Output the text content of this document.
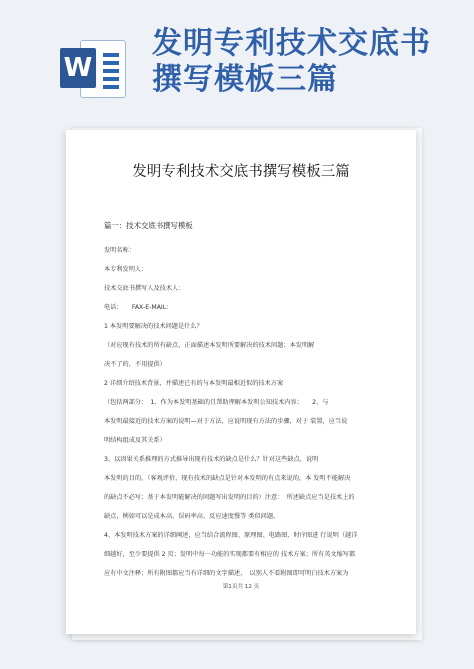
W
发明专利技术交底书撰写模板三篇
发明专利技术交底书撰写模板三篇
篇一：技术交底书撰写模板
发明名称：
本专利发明人：
技术交底书撰写人及技术人：
电话：　　FAX-E-MAIL：
1 本发明要解决的技术问题是什么？
（对应现有技术的所有缺点，正面描述本发明所要解决的技术问题；本发明解
决不了的，不用提供）
2 详细介绍技术背景，并描述已有的与本发明最相近似的技术方案
（包括两部分：　1、作为本发明基础的且帮助理解本发明公知技术内容；　　2、与
本发明最接近的技术方案的说明—对于方法，应说明现有方法的步骤，对于 装置，应当说
明结构组成及其关系）
3、以因果关系推理的方式推导出现有技术的缺点是什么？针对这些缺点，说明
本发明的目的。（客观评价，现有技术的缺点是针对本发明的有点来说的，本 发明不能解决
的缺点不必写；基于本发明能解决的问题写出发明的目的）注意：　所述缺点应当是技术上的
缺点，例如可以是成本高、误码率高、反应速度慢等 类似问题。
4、本发明技术方案的详细阐述，应当结合流程图、原理图、电路图、时序图进 行说明（越详
细越好，至少要提供 2 页；发明中每一功能的实现都要有相应的 技术方案；所有英文缩写都
应有中文注释；所有附图都应当有详细的文字描述，　以别人不看附图即可明白技术方案为
第1页共 12 页
